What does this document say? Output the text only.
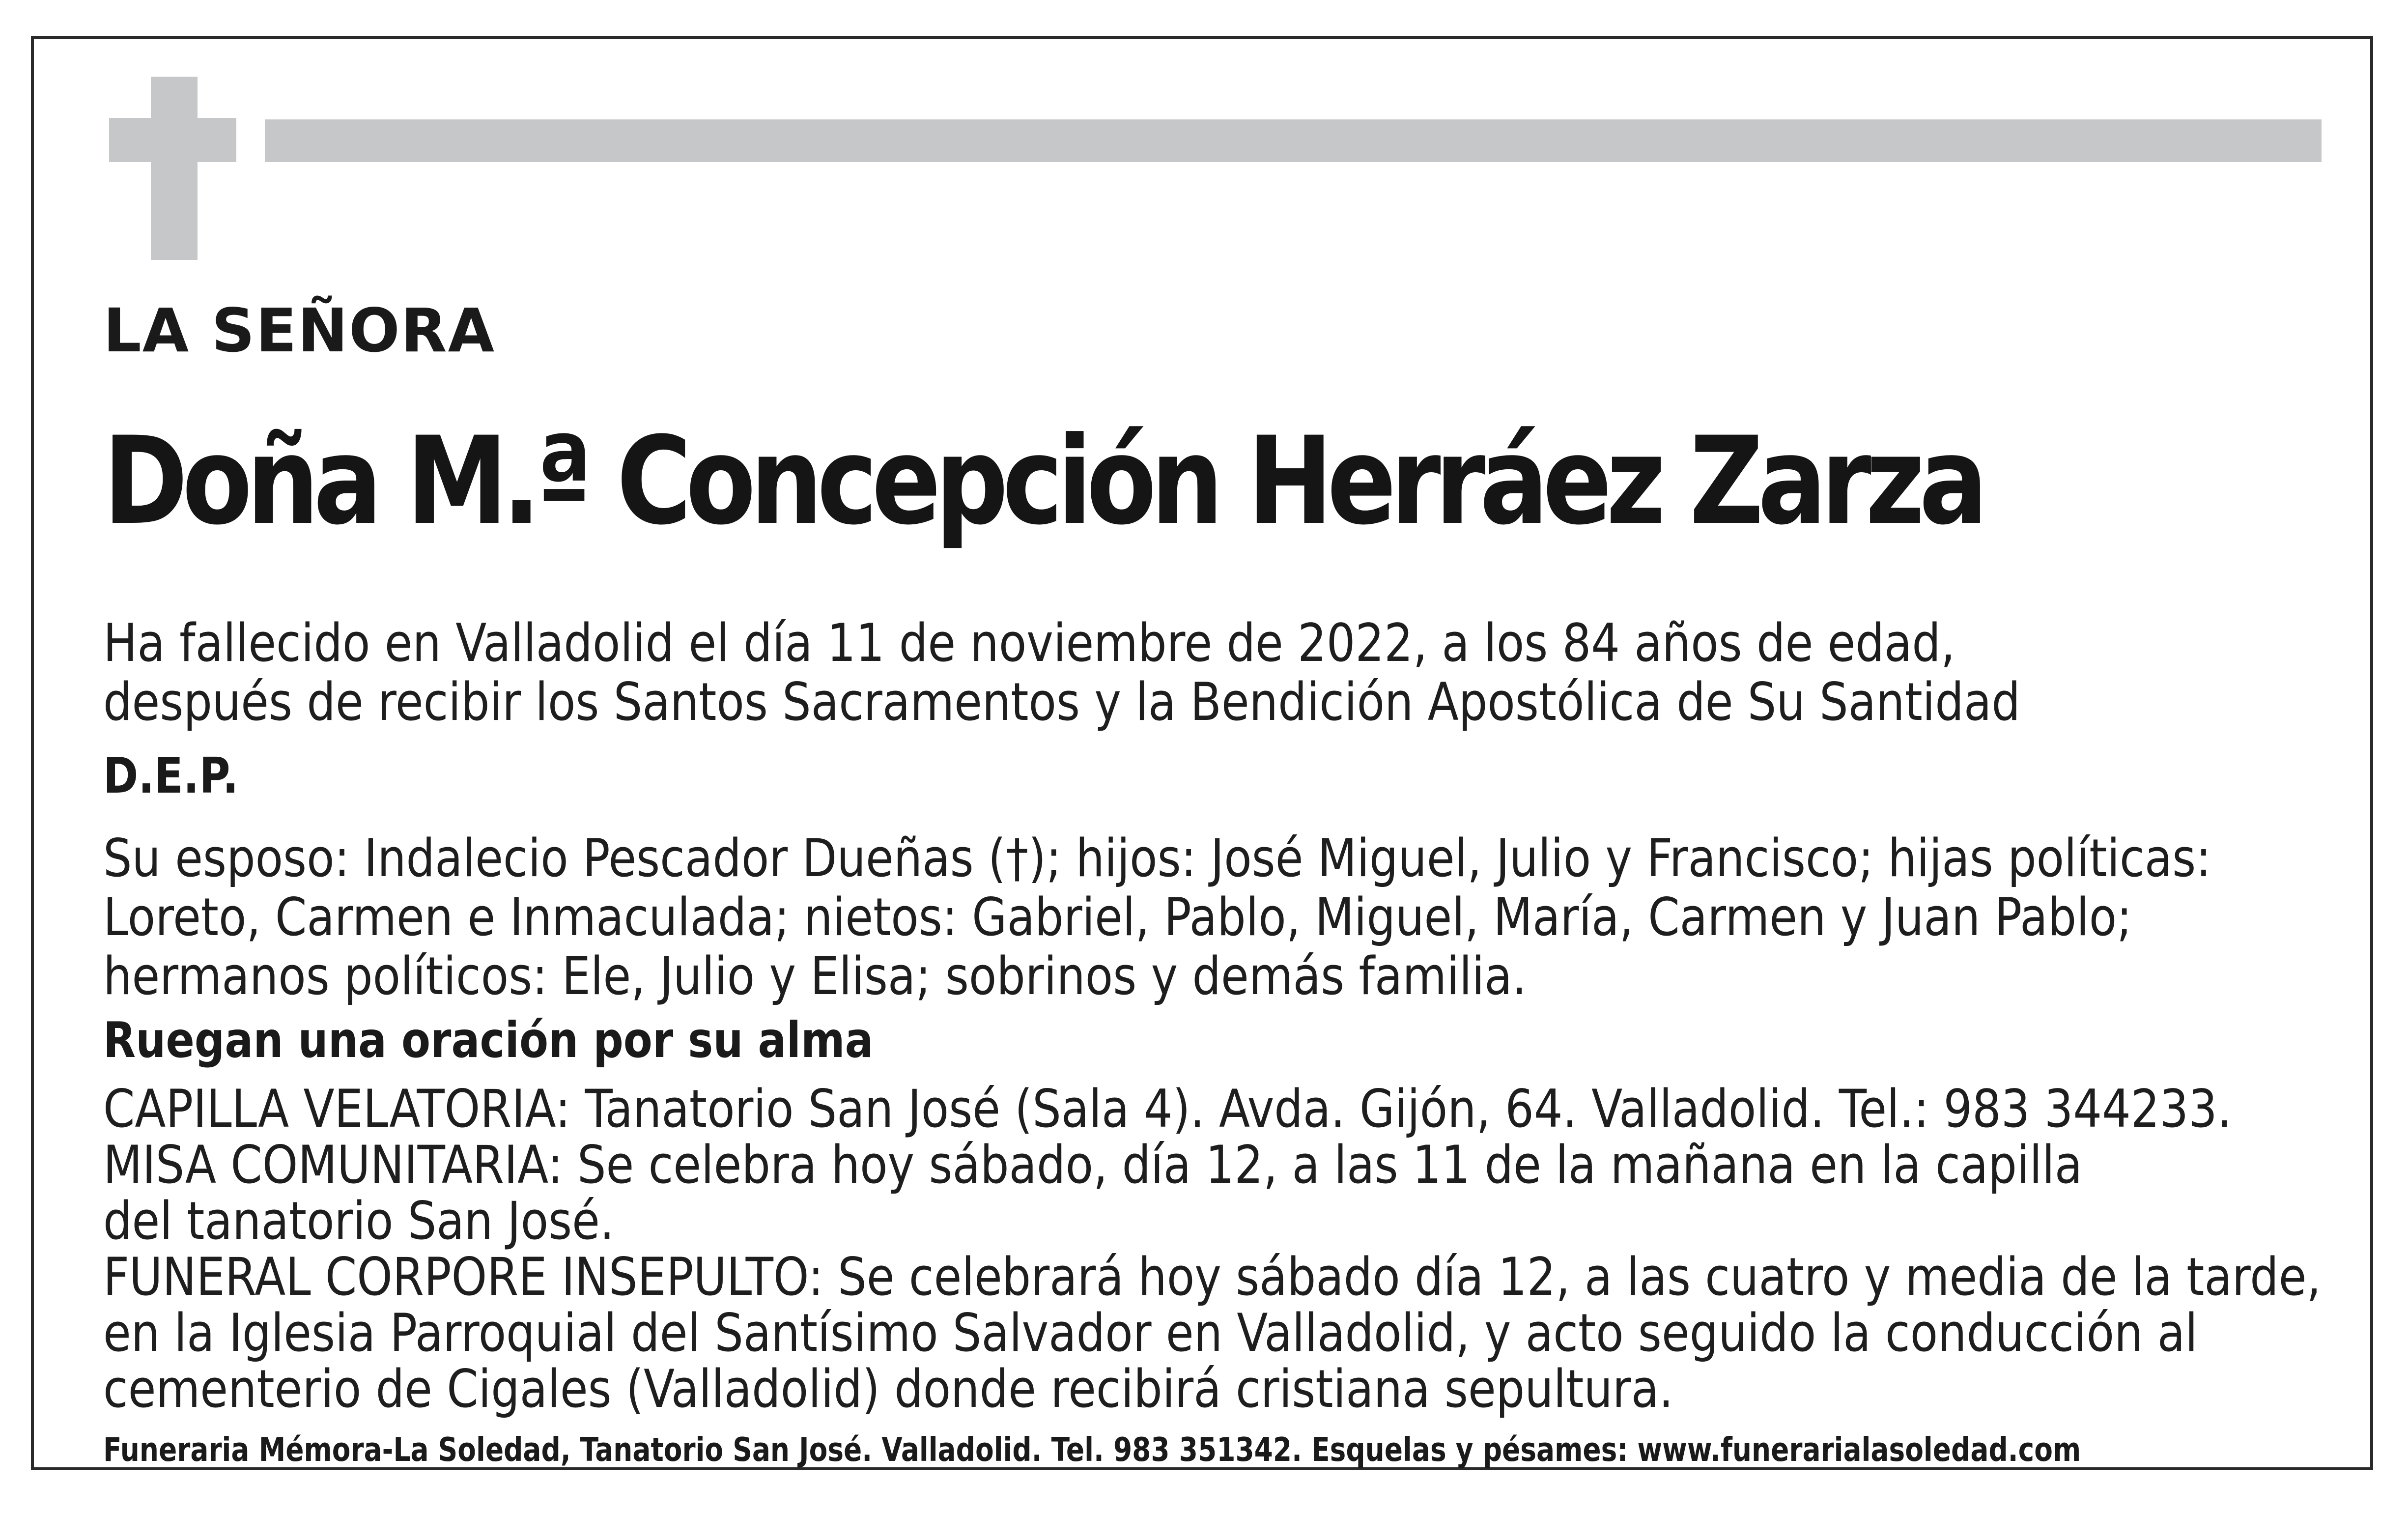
LA SEÑORA

Doña M.ª Concepción Herráez Zarza

Ha fallecido en Valladolid el día 11 de noviembre de 2022, a los 84 años de edad,

después de recibir los Santos Sacramentos y la Bendición Apostólica de Su Santidad

D.E.P.

Su esposo: Indalecio Pescador Dueñas (†); hijos: José Miguel, Julio y Francisco; hijas políticas:

Loreto, Carmen e Inmaculada; nietos: Gabriel, Pablo, Miguel, María, Carmen y Juan Pablo;

hermanos políticos: Ele, Julio y Elisa; sobrinos y demás familia.

Ruegan una oración por su alma

CAPILLA VELATORIA: Tanatorio San José (Sala 4). Avda. Gijón, 64. Valladolid. Tel.: 983 344233.

MISA COMUNITARIA: Se celebra hoy sábado, día 12, a las 11 de la mañana en la capilla

del tanatorio San José.

FUNERAL CORPORE INSEPULTO: Se celebrará hoy sábado día 12, a las cuatro y media de la tarde,

en la Iglesia Parroquial del Santísimo Salvador en Valladolid, y acto seguido la conducción al

cementerio de Cigales (Valladolid) donde recibirá cristiana sepultura.

Funeraria Mémora-La Soledad, Tanatorio San José. Valladolid. Tel. 983 351342. Esquelas y pésames: www.funerarialasoledad.com
